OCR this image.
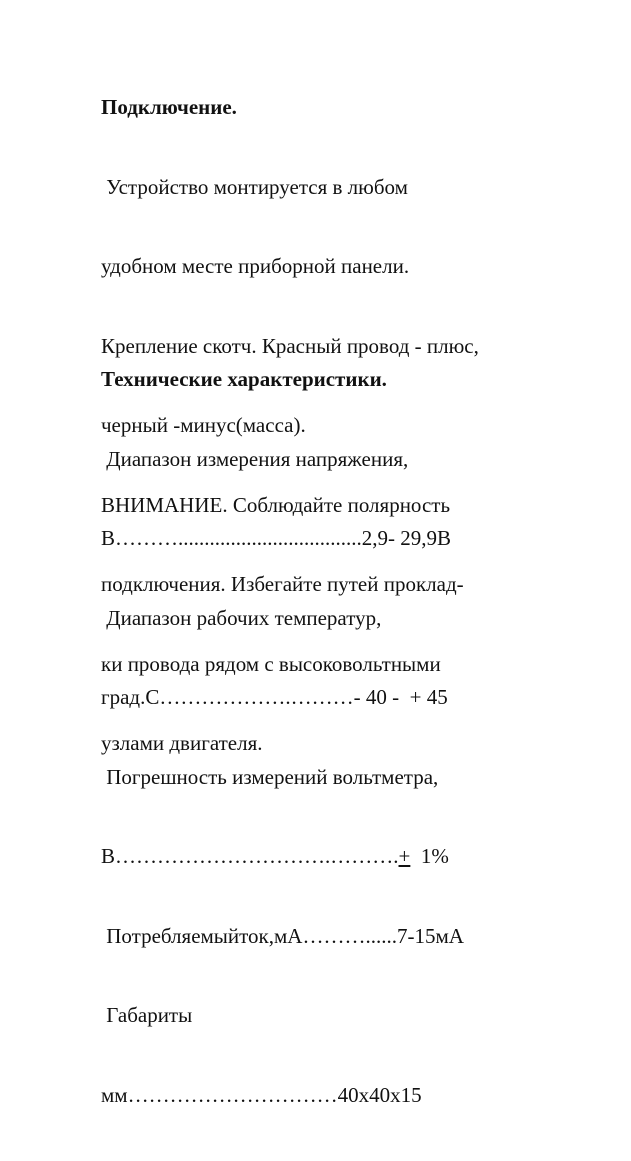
Подключение.

Устройство монтируется в любом

удобном месте приборной панели.

Крепление скотч. Красный провод - плюс,

черный -минус(масса).

ВНИМАНИЕ. Соблюдайте полярность

подключения. Избегайте путей проклад-

ки провода рядом с высоковольтными

узлами двигателя.

Технические характеристики.

Диапазон измерения напряжения,

В………...................................2,9- 29,9В

Диапазон рабочих температур,

град.С……………….………- 40 -  + 45

Погрешность измерений вольтметра,

В………………………….……….+  1%

Потребляемыйток,мА………......7-15мА

Габариты

мм…………………………40х40х15
